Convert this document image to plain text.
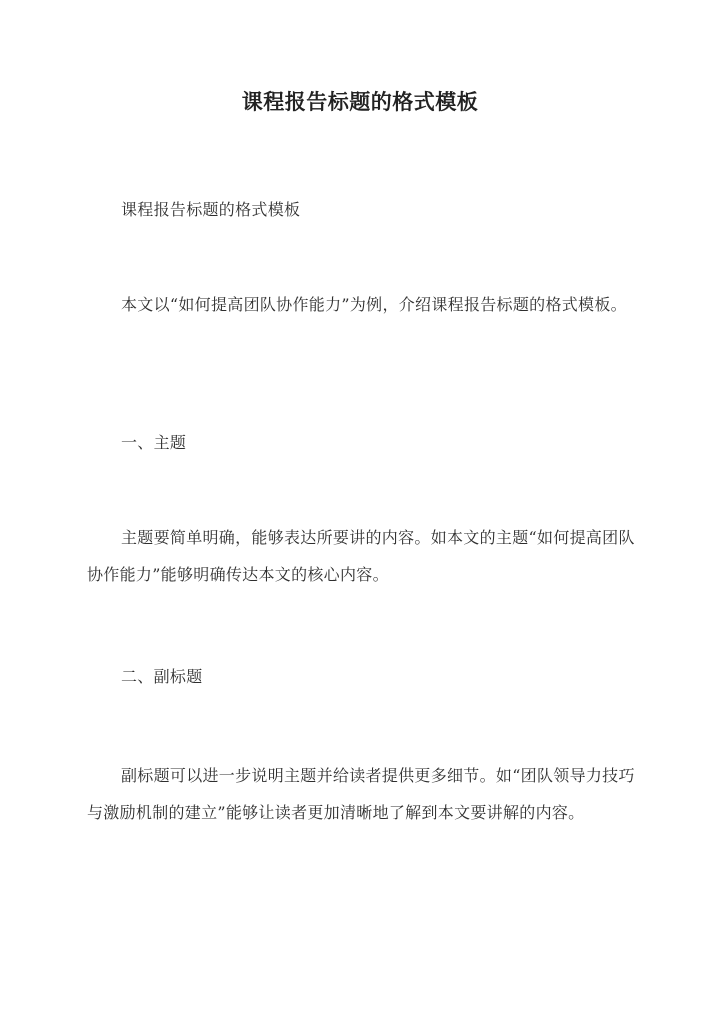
课程报告标题的格式模板
课程报告标题的格式模板
本文以“如何提高团队协作能力”为例，介绍课程报告标题的格式模板。
一、主题
主题要简单明确，能够表达所要讲的内容。如本文的主题“如何提高团队协作能力”能够明确传达本文的核心内容。
二、副标题
副标题可以进一步说明主题并给读者提供更多细节。如“团队领导力技巧与激励机制的建立”能够让读者更加清晰地了解到本文要讲解的内容。
